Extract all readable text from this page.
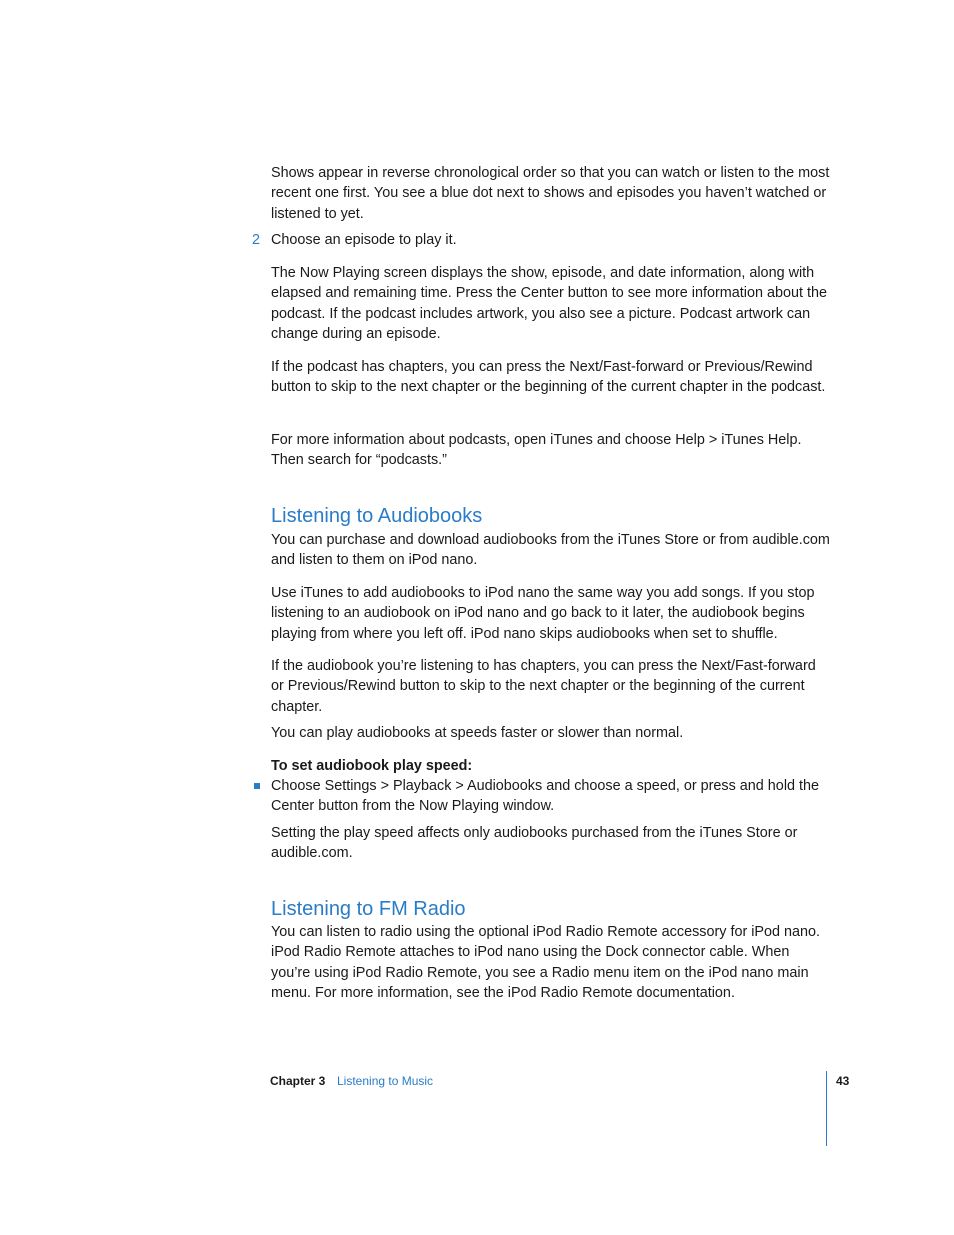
Shows appear in reverse chronological order so that you can watch or listen to the most recent one first. You see a blue dot next to shows and episodes you haven’t watched or listened to yet.

2 Choose an episode to play it.

The Now Playing screen displays the show, episode, and date information, along with elapsed and remaining time. Press the Center button to see more information about the podcast. If the podcast includes artwork, you also see a picture. Podcast artwork can change during an episode.

If the podcast has chapters, you can press the Next/Fast-forward or Previous/Rewind button to skip to the next chapter or the beginning of the current chapter in the podcast.

For more information about podcasts, open iTunes and choose Help > iTunes Help. Then search for “podcasts.”

Listening to Audiobooks

You can purchase and download audiobooks from the iTunes Store or from audible.com and listen to them on iPod nano.

Use iTunes to add audiobooks to iPod nano the same way you add songs. If you stop listening to an audiobook on iPod nano and go back to it later, the audiobook begins playing from where you left off. iPod nano skips audiobooks when set to shuffle.

If the audiobook you’re listening to has chapters, you can press the Next/Fast-forward or Previous/Rewind button to skip to the next chapter or the beginning of the current chapter.

You can play audiobooks at speeds faster or slower than normal.

To set audiobook play speed:

Choose Settings > Playback > Audiobooks and choose a speed, or press and hold the Center button from the Now Playing window.

Setting the play speed affects only audiobooks purchased from the iTunes Store or audible.com.

Listening to FM Radio

You can listen to radio using the optional iPod Radio Remote accessory for iPod nano. iPod Radio Remote attaches to iPod nano using the Dock connector cable. When you’re using iPod Radio Remote, you see a Radio menu item on the iPod nano main menu. For more information, see the iPod Radio Remote documentation.

Chapter 3 Listening to Music	43
